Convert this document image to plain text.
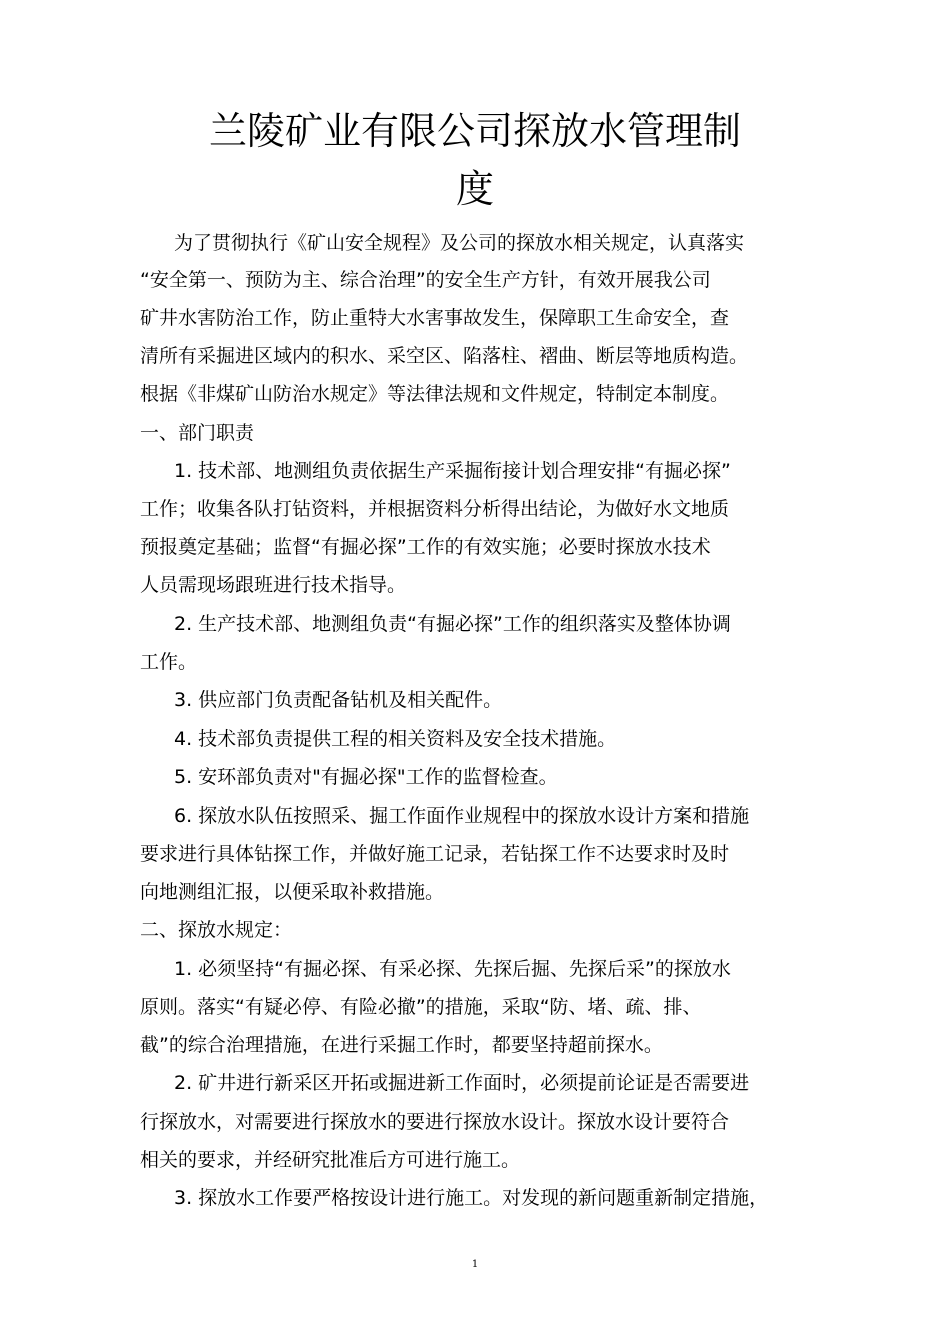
兰陵矿业有限公司探放水管理制
度
为了贯彻执行《矿山安全规程》及公司的探放水相关规定，认真落实
“安全第一、预防为主、综合治理”的安全生产方针，有效开展我公司
矿井水害防治工作，防止重特大水害事故发生，保障职工生命安全，查
清所有采掘进区域内的积水、采空区、陷落柱、褶曲、断层等地质构造。
根据《非煤矿山防治水规定》等法律法规和文件规定，特制定本制度。
一、部门职责
1. 技术部、地测组负责依据生产采掘衔接计划合理安排“有掘必探”
工作；收集各队打钻资料，并根据资料分析得出结论，为做好水文地质
预报奠定基础；监督“有掘必探”工作的有效实施；必要时探放水技术
人员需现场跟班进行技术指导。
2. 生产技术部、地测组负责“有掘必探”工作的组织落实及整体协调
工作。
3. 供应部门负责配备钻机及相关配件。
4. 技术部负责提供工程的相关资料及安全技术措施。
5. 安环部负责对"有掘必探"工作的监督检查。
6. 探放水队伍按照采、掘工作面作业规程中的探放水设计方案和措施
要求进行具体钻探工作，并做好施工记录，若钻探工作不达要求时及时
向地测组汇报，以便采取补救措施。
二、探放水规定：
1. 必须坚持“有掘必探、有采必探、先探后掘、先探后采”的探放水
原则。落实“有疑必停、有险必撤”的措施，采取“防、堵、疏、排、
截”的综合治理措施，在进行采掘工作时，都要坚持超前探水。
2. 矿井进行新采区开拓或掘进新工作面时，必须提前论证是否需要进
行探放水，对需要进行探放水的要进行探放水设计。探放水设计要符合
相关的要求，并经研究批准后方可进行施工。
3. 探放水工作要严格按设计进行施工。对发现的新问题重新制定措施，
1
